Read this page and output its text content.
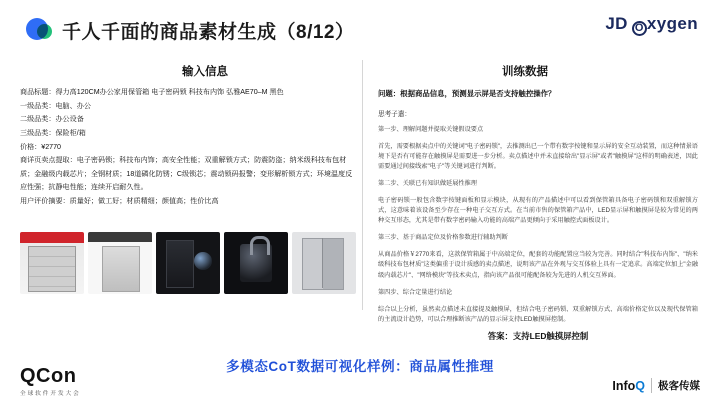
千人千面的商品素材生成（8/12）	JD O xygen
输入信息	训练数据
商品标题：得力高120CM办公家用保管箱 电子密码锁 科技布内饰 弘雅AE70–M 黑色
一级品类：电脑、办公
二级品类：办公设备
三级品类：保险柜/箱
价格：¥2770
商详页卖点提取：电子密码锁；科技布内饰；高安全性能；双重解锁方式；防震防盗；纳米级科技布包材质；金融级内载芯片；全钢材质；18道磷化防锈；C级锁芯；震动锁码报警；变形解析锁方式；环境温度反应性强；抗静电性能；连续开启耐久性。
用户评价摘要：质量好；做工好；材质精细；颜值高；性价比高
问题：根据商品信息，预测显示屏是否支持触控操作？
思考子遣：
第一步、理解问题并提取关键假设要点
首先，需要根据卖点中的关键词"电子密码锁"，去推测出已一个带有数字按键和显示屏的安全互动装置，而这种情景语境下是否有可能存在触摸屏是需要进一步分析。卖点描述中并未直接给出"显示屏"或者"触摸屏"这样的明确表述，因此需要通过间接线索"电子"等关键词进行判断。
第二步、关联已有知识做延展性推理
电子密码锁一般包含数字按键面板和显示模块，从现有的产品描述中可以看到保管箱具备电子密码锁和双重解锁方式，这意味着该设备至少存在一种电子交互方式。在当前市售的保管箱产品中，LED显示屏和触摸屏是较为常见的两种交互形态，尤其是带有数字密码输入功能的高端产品更倾向于采用触控式面板设计。
第三步、基于商品定位及价格参数进行辅助判断
从商品价格￥2770来看，这款保管箱属于中高端定位，配套的功能配置应当较为完善。同时结合"科技布内饰"、"纳米级科技布包材质"这类偏重于设计质感的卖点描述，说明该产品在外观与交互体验上具有一定追求。高端定位加上"金融级内载芯片"、"网络模块"等技术卖点，指向该产品很可能配备较为先进的人机交互界面。
第四步、综合定量进行结论
综合以上分析，虽然卖点描述未直接提及触摸屏，但结合电子密码锁、双重解锁方式、高端价格定位以及现代保管箱的主流设计趋势，可以合理推断该产品的显示屏支持LED触摸屏控制。
答案：支持LED触摸屏控制
多模态CoT数据可视化样例：商品属性推理
QCon
全球软件开发大会
InfoQ	极客传媒
